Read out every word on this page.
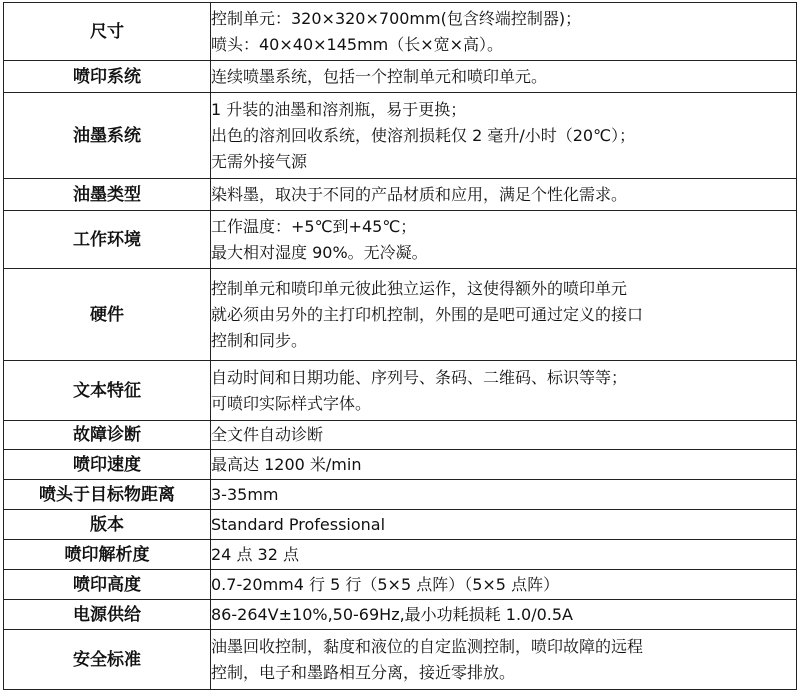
尺寸	控制单元：320×320×700mm(包含终端控制器)；
喷头：40×40×145mm（长×宽×高）。

喷印系统	连续喷墨系统，包括一个控制单元和喷印单元。

油墨系统	1 升装的油墨和溶剂瓶，易于更换；
出色的溶剂回收系统，使溶剂损耗仅 2 毫升/小时（20℃）；
无需外接气源

油墨类型	染料墨，取决于不同的产品材质和应用，满足个性化需求。

工作环境	工作温度：+5℃到+45℃；
最大相对湿度 90%。无冷凝。

硬件	控制单元和喷印单元彼此独立运作，这使得额外的喷印单元
就必须由另外的主打印机控制，外围的是吧可通过定义的接口
控制和同步。

文本特征	自动时间和日期功能、序列号、条码、二维码、标识等等；
可喷印实际样式字体。

故障诊断	全文件自动诊断

喷印速度	最高达 1200 米/min

喷头于目标物距离	3-35mm

版本	Standard Professional

喷印解析度	24 点 32 点

喷印高度	0.7-20mm4 行 5 行（5×5 点阵）（5×5 点阵）

电源供给	86-264V±10%,50-69Hz,最小功耗损耗 1.0/0.5A

安全标准	油墨回收控制，黏度和液位的自定监测控制，喷印故障的远程
控制，电子和墨路相互分离，接近零排放。
